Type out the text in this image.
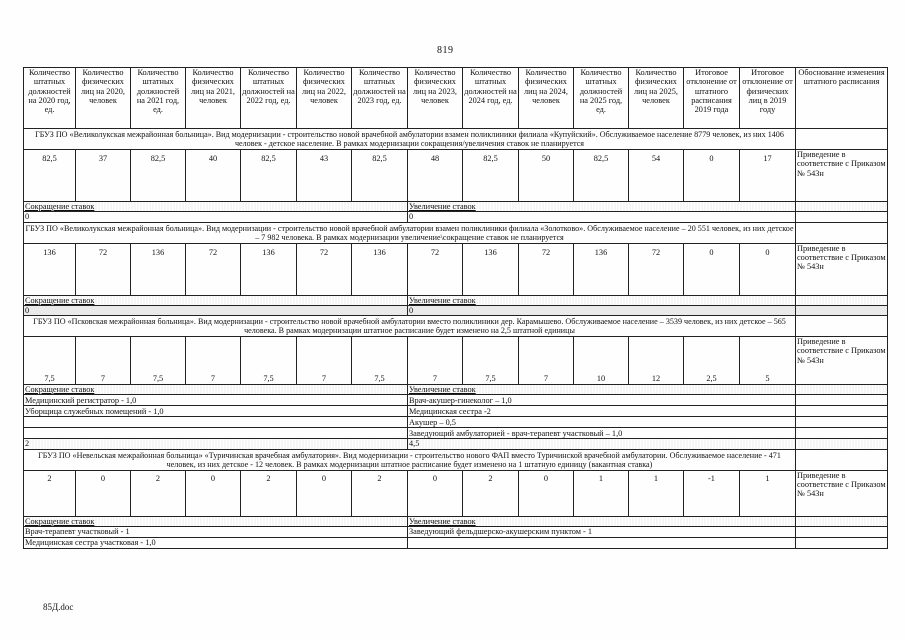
819
Количество штатных должностей на 2020 год, ед.	Количество физических лиц на 2020, человек	Количество штатных должностей на 2021 год, ед.	Количество физических лиц на 2021, человек	Количество штатных должностей на 2022 год, ед.	Количество физических лиц на 2022, человек	Количество штатных должностей на 2023 год, ед.	Количество физических лиц на 2023, человек	Количество штатных должностей на 2024 год, ед.	Количество физических лиц на 2024, человек	Количество штатных должностей на 2025 год, ед.	Количество физических лиц на 2025, человек	Итоговое отклонение от штатного расписания 2019 года	Итоговое отклонение от физических лиц в 2019 году	Обоснование изменения штатного расписания
ГБУЗ ПО «Великолукская межрайонная больница». Вид модернизации - строительство новой врачебной амбулатории взамен поликлиники филиала «Купуйский». Обслуживаемое население 8779 человек, из них 1406 человек - детское население. В рамках модернизации сокращения/увеличения ставок не планируется														
82,5	37	82,5	40	82,5	43	82,5	48	82,5	50	82,5	54	0	17	Приведение в соответствие с Приказом № 543н
Сокращение ставок							Увеличение ставок							
0							0							
ГБУЗ ПО «Великолукская межрайонная больница». Вид модернизации - строительство новой врачебной амбулатории взамен поликлиники филиала «Золотково». Обслуживаемое население – 20 551 человек, из них детское – 7 982 человека. В рамках модернизации увеличение\сокращение ставок не планируется														
136	72	136	72	136	72	136	72	136	72	136	72	0	0	Приведение в соответствие с Приказом № 543н
Сокращение ставок							Увеличение ставок							
0							0							
ГБУЗ ПО «Псковская межрайонная больница». Вид модернизации - строительство новой врачебной амбулатории вместо поликлиники дер. Карамышево. Обслуживаемое население – 3539 человек, из них детское – 565 человека. В рамках модернизации штатное расписание будет изменено на 2,5 штатной единицы														
7,5	7	7,5	7	7,5	7	7,5	7	7,5	7	10	12	2,5	5	Приведение в соответствие с Приказом № 543н
Сокращение ставок							Увеличение ставок							
Медицинский регистратор - 1,0							Врач-акушер-гинеколог – 1,0							
Уборщица служебных помещений - 1,0							Медицинская сестра -2							
							Акушер – 0,5							
							Заведующий амбулаторией - врач-терапевт участковый – 1,0							
2							4,5							
ГБУЗ ПО «Невельская межрайонная больница» «Туричинская врачебная амбулатория». Вид модернизации - строительство нового ФАП вместо Туричинской врачебной амбулатории. Обслуживаемое население - 471 человек, из них детское - 12 человек. В рамках модернизации штатное расписание будет изменено на 1 штатную единицу (вакантная ставка)														
2	0	2	0	2	0	2	0	2	0	1	1	-1	1	Приведение в соответствие с Приказом № 543н
Сокращение ставок							Увеличение ставок							
Врач-терапевт участковый - 1							Заведующий фельдшерско-акушерским пунктом - 1							
Медицинская сестра участковая - 1,0														
85Д.doc
